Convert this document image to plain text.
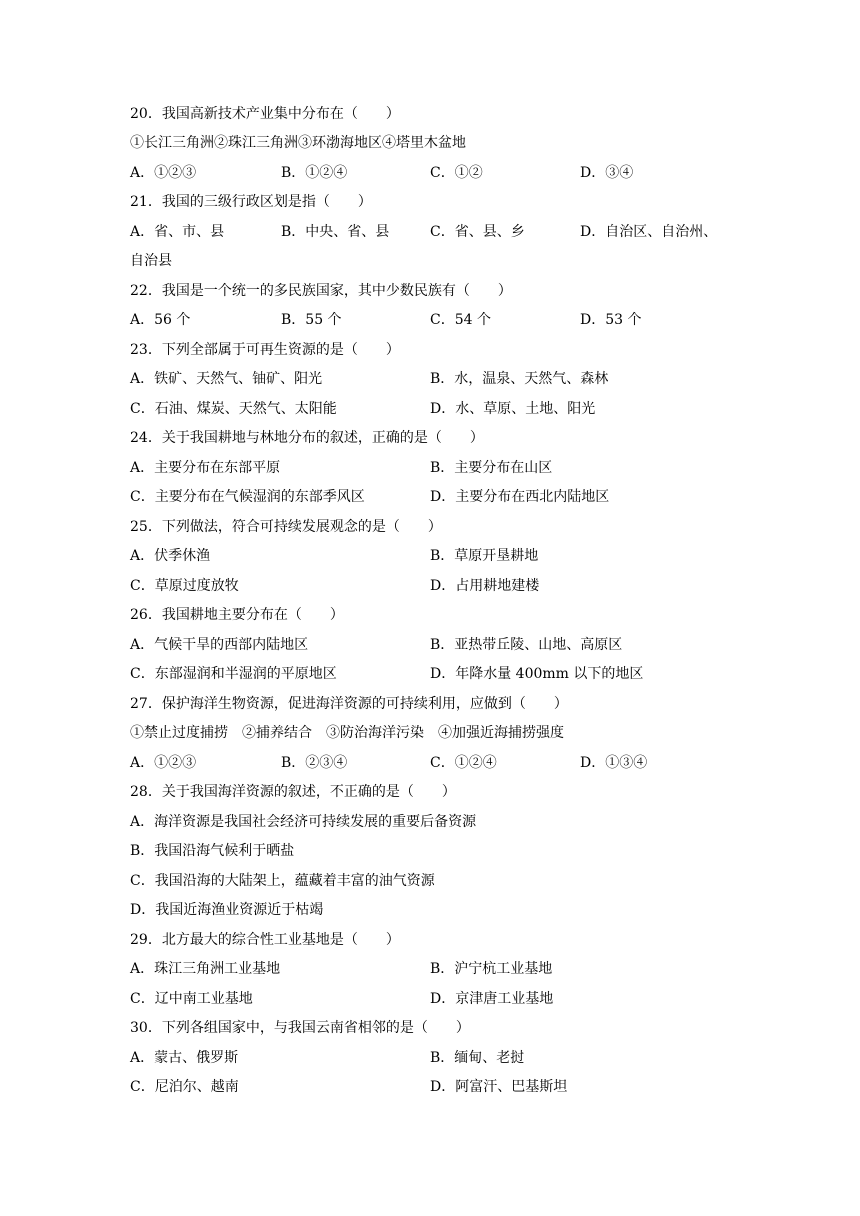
20．我国高新技术产业集中分布在（　　）
①长江三角洲②珠江三角洲③环渤海地区④塔里木盆地
A．①②③	B．①②④	C．①②	D．③④
21．我国的三级行政区划是指（　　）
A．省、市、县	B．中央、省、县	C．省、县、乡	D．自治区、自治州、
自治县
22．我国是一个统一的多民族国家，其中少数民族有（　　）
A．56 个	B．55 个	C．54 个	D．53 个
23．下列全部属于可再生资源的是（　　）
A．铁矿、天然气、铀矿、阳光	B．水，温泉、天然气、森林
C．石油、煤炭、天然气、太阳能	D．水、草原、土地、阳光
24．关于我国耕地与林地分布的叙述，正确的是（　　）
A．主要分布在东部平原	B．主要分布在山区
C．主要分布在气候湿润的东部季风区	D．主要分布在西北内陆地区
25．下列做法，符合可持续发展观念的是（　　）
A．伏季休渔	B．草原开垦耕地
C．草原过度放牧	D．占用耕地建楼
26．我国耕地主要分布在（　　）
A．气候干旱的西部内陆地区	B．亚热带丘陵、山地、高原区
C．东部湿润和半湿润的平原地区	D．年降水量 400mm 以下的地区
27．保护海洋生物资源，促进海洋资源的可持续利用，应做到（　　）
①禁止过度捕捞　②捕养结合　③防治海洋污染　④加强近海捕捞强度
A．①②③	B．②③④	C．①②④	D．①③④
28．关于我国海洋资源的叙述，不正确的是（　　）
A．海洋资源是我国社会经济可持续发展的重要后备资源
B．我国沿海气候利于晒盐
C．我国沿海的大陆架上，蕴藏着丰富的油气资源
D．我国近海渔业资源近于枯竭
29．北方最大的综合性工业基地是（　　）
A．珠江三角洲工业基地	B．沪宁杭工业基地
C．辽中南工业基地	D．京津唐工业基地
30．下列各组国家中，与我国云南省相邻的是（　　）
A．蒙古、俄罗斯	B．缅甸、老挝
C．尼泊尔、越南	D．阿富汗、巴基斯坦
